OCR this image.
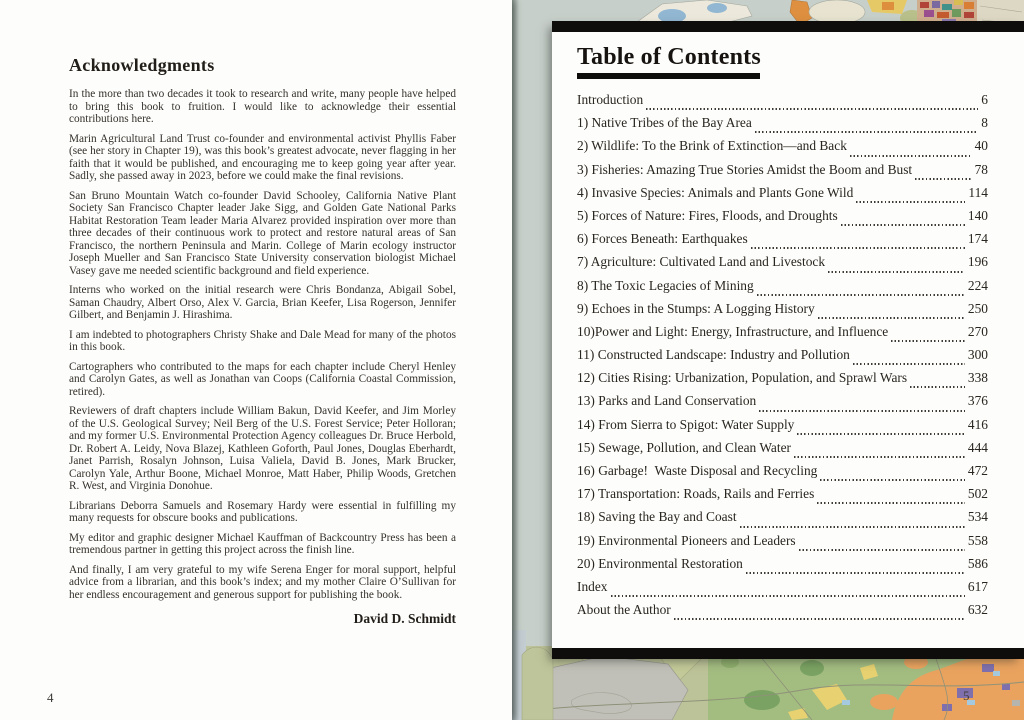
5
Table of Contents
Introduction	6
1) Native Tribes of the Bay Area	8
2) Wildlife: To the Brink of Extinction—and Back	40
3) Fisheries: Amazing True Stories Amidst the Boom and Bust	78
4) Invasive Species: Animals and Plants Gone Wild	114
5) Forces of Nature: Fires, Floods, and Droughts	140
6) Forces Beneath: Earthquakes	174
7) Agriculture: Cultivated Land and Livestock	196
8) The Toxic Legacies of Mining	224
9) Echoes in the Stumps: A Logging History	250
10)Power and Light: Energy, Infrastructure, and Influence	270
11) Constructed Landscape: Industry and Pollution	300
12) Cities Rising: Urbanization, Population, and Sprawl Wars	338
13) Parks and Land Conservation	376
14) From Sierra to Spigot: Water Supply	416
15) Sewage, Pollution, and Clean Water	444
16) Garbage!  Waste Disposal and Recycling	472
17) Transportation: Roads, Rails and Ferries	502
18) Saving the Bay and Coast	534
19) Environmental Pioneers and Leaders	558
20) Environmental Restoration	586
Index	617
About the Author	632
Acknowledgments

In the more than two decades it took to research and write, many people have helped to bring this book to fruition. I would like to acknowledge their essential contributions here.

Marin Agricultural Land Trust co-founder and environmental activist Phyllis Faber (see her story in Chapter 19), was this book’s greatest advocate, never flagging in her faith that it would be published, and encouraging me to keep going year after year. Sadly, she passed away in 2023, before we could make the final revisions.

San Bruno Mountain Watch co-founder David Schooley, California Native Plant Society San Francisco Chapter leader Jake Sigg, and Golden Gate National Parks Habitat Restoration Team leader Maria Alvarez provided inspiration over more than three decades of their continuous work to protect and restore natural areas of San Francisco, the northern Peninsula and Marin. College of Marin ecology instructor Joseph Mueller and San Francisco State University conservation biologist Michael Vasey gave me needed scientific background and field experience.

Interns who worked on the initial research were Chris Bondanza, Abigail Sobel, Saman Chaudry, Albert Orso, Alex V. Garcia, Brian Keefer, Lisa Rogerson, Jennifer Gilbert, and Benjamin J. Hirashima.

I am indebted to photographers Christy Shake and Dale Mead for many of the photos in this book.

Cartographers who contributed to the maps for each chapter include Cheryl Henley and Carolyn Gates, as well as Jonathan van Coops (California Coastal Commission, retired).

Reviewers of draft chapters include William Bakun, David Keefer, and Jim Morley of the U.S. Geological Survey; Neil Berg of the U.S. Forest Service; Peter Holloran; and my former U.S. Environmental Protection Agency colleagues Dr. Bruce Herbold, Dr. Robert A. Leidy, Nova Blazej, Kathleen Goforth, Paul Jones, Douglas Eberhardt, Janet Parrish, Rosalyn Johnson, Luisa Valiela, David B. Jones, Mark Brucker, Carolyn Yale, Arthur Boone, Michael Monroe, Matt Haber, Philip Woods, Gretchen R. West, and Virginia Donohue.

Librarians Deborra Samuels and Rosemary Hardy were essential in fulfilling my many requests for obscure books and publications.

My editor and graphic designer Michael Kauffman of Backcountry Press has been a tremendous partner in getting this project across the finish line.

And finally, I am very grateful to my wife Serena Enger for moral support, helpful advice from a librarian, and this book’s index; and my mother Claire O’Sullivan for her endless encouragement and generous support for publishing the book.

David D. Schmidt
4
